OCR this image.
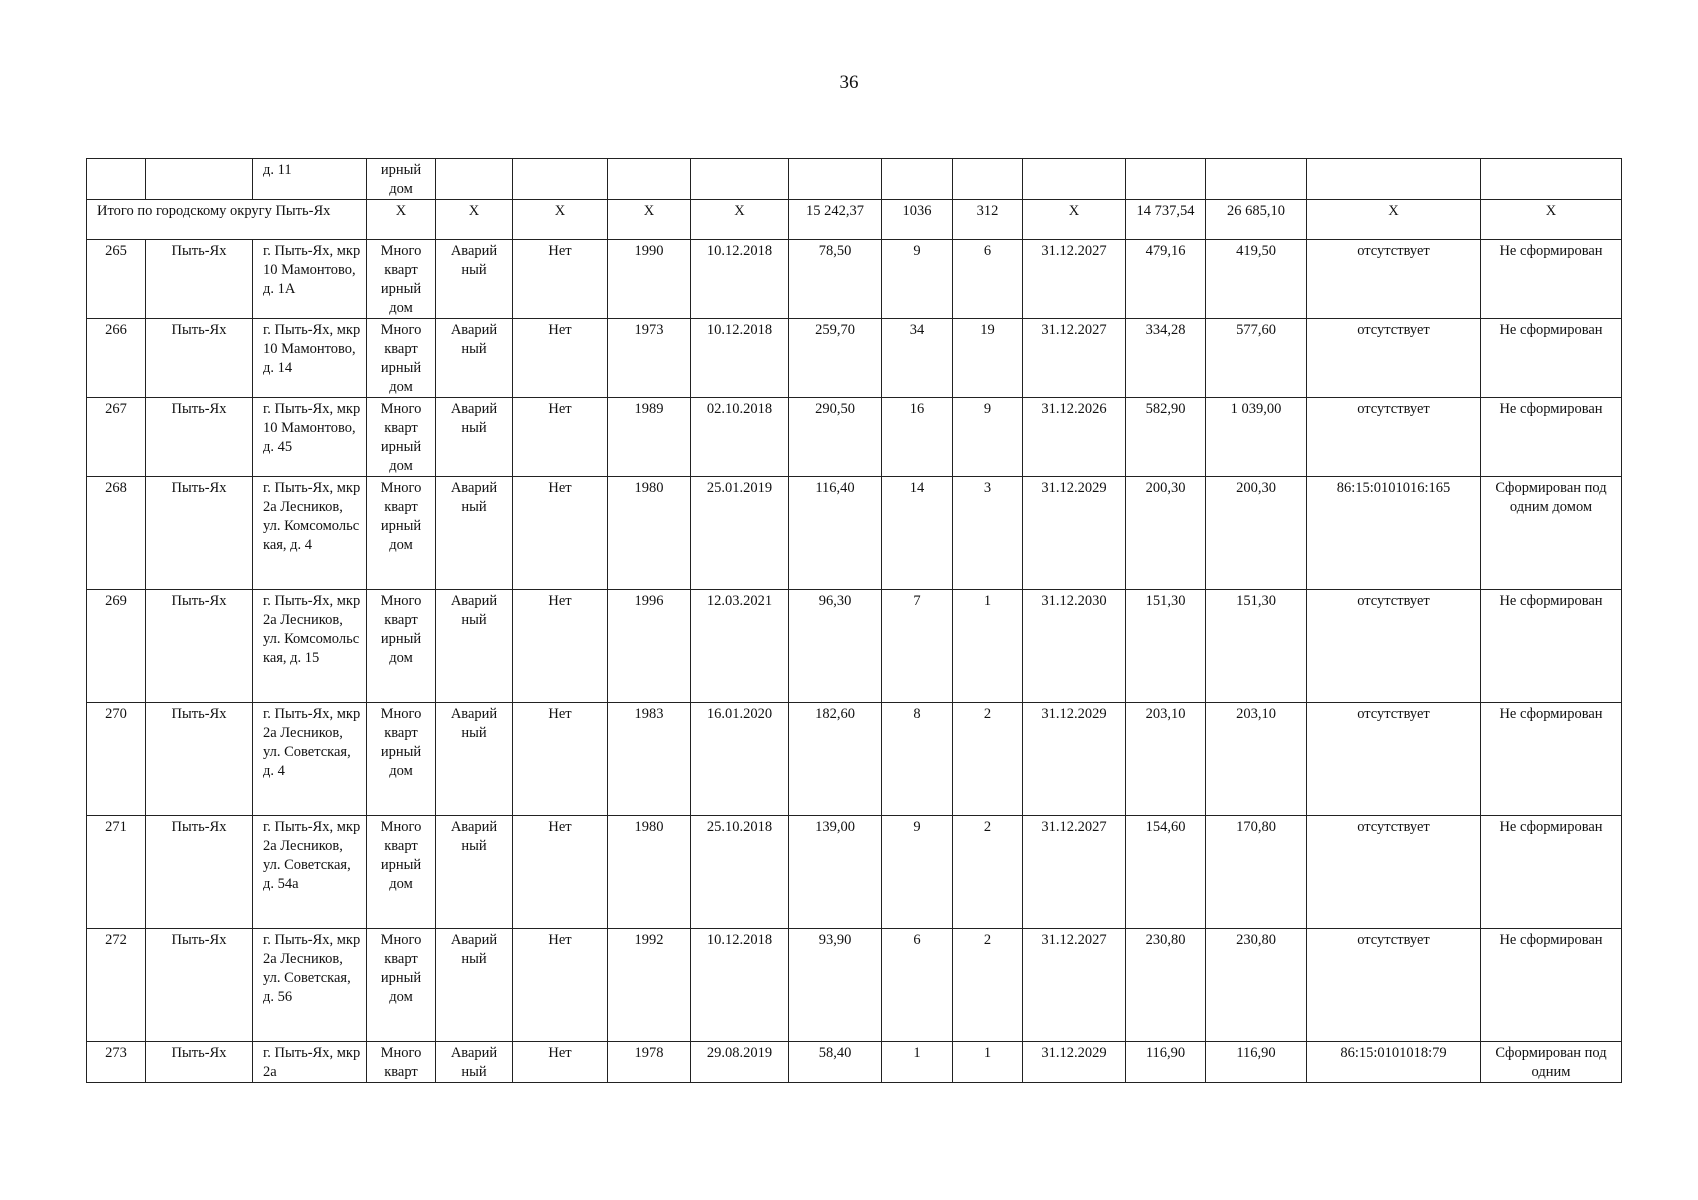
36
		д. 11	ирный дом												
Итого по городскому округу Пыть-Ях			Х	Х	Х	Х	Х	15 242,37	1036	312	Х	14 737,54	26 685,10	Х	Х
265	Пыть-Ях	г. Пыть-Ях, мкр 10 Мамонтово, д. 1А	Много кварт ирный дом	Аварий ный	Нет	1990	10.12.2018	78,50	9	6	31.12.2027	479,16	419,50	отсутствует	Не сформирован
266	Пыть-Ях	г. Пыть-Ях, мкр 10 Мамонтово, д. 14	Много кварт ирный дом	Аварий ный	Нет	1973	10.12.2018	259,70	34	19	31.12.2027	334,28	577,60	отсутствует	Не сформирован
267	Пыть-Ях	г. Пыть-Ях, мкр 10 Мамонтово, д. 45	Много кварт ирный дом	Аварий ный	Нет	1989	02.10.2018	290,50	16	9	31.12.2026	582,90	1 039,00	отсутствует	Не сформирован
268	Пыть-Ях	г. Пыть-Ях, мкр 2а Лесников, ул. Комсомольс кая, д. 4	Много кварт ирный дом	Аварий ный	Нет	1980	25.01.2019	116,40	14	3	31.12.2029	200,30	200,30	86:15:0101016:165	Сформирован под одним домом
269	Пыть-Ях	г. Пыть-Ях, мкр 2а Лесников, ул. Комсомольс кая, д. 15	Много кварт ирный дом	Аварий ный	Нет	1996	12.03.2021	96,30	7	1	31.12.2030	151,30	151,30	отсутствует	Не сформирован
270	Пыть-Ях	г. Пыть-Ях, мкр 2а Лесников, ул. Советская, д. 4	Много кварт ирный дом	Аварий ный	Нет	1983	16.01.2020	182,60	8	2	31.12.2029	203,10	203,10	отсутствует	Не сформирован
271	Пыть-Ях	г. Пыть-Ях, мкр 2а Лесников, ул. Советская, д. 54а	Много кварт ирный дом	Аварий ный	Нет	1980	25.10.2018	139,00	9	2	31.12.2027	154,60	170,80	отсутствует	Не сформирован
272	Пыть-Ях	г. Пыть-Ях, мкр 2а Лесников, ул. Советская, д. 56	Много кварт ирный дом	Аварий ный	Нет	1992	10.12.2018	93,90	6	2	31.12.2027	230,80	230,80	отсутствует	Не сформирован
273	Пыть-Ях	г. Пыть-Ях, мкр 2а	Много кварт	Аварий ный	Нет	1978	29.08.2019	58,40	1	1	31.12.2029	116,90	116,90	86:15:0101018:79	Сформирован под одним
